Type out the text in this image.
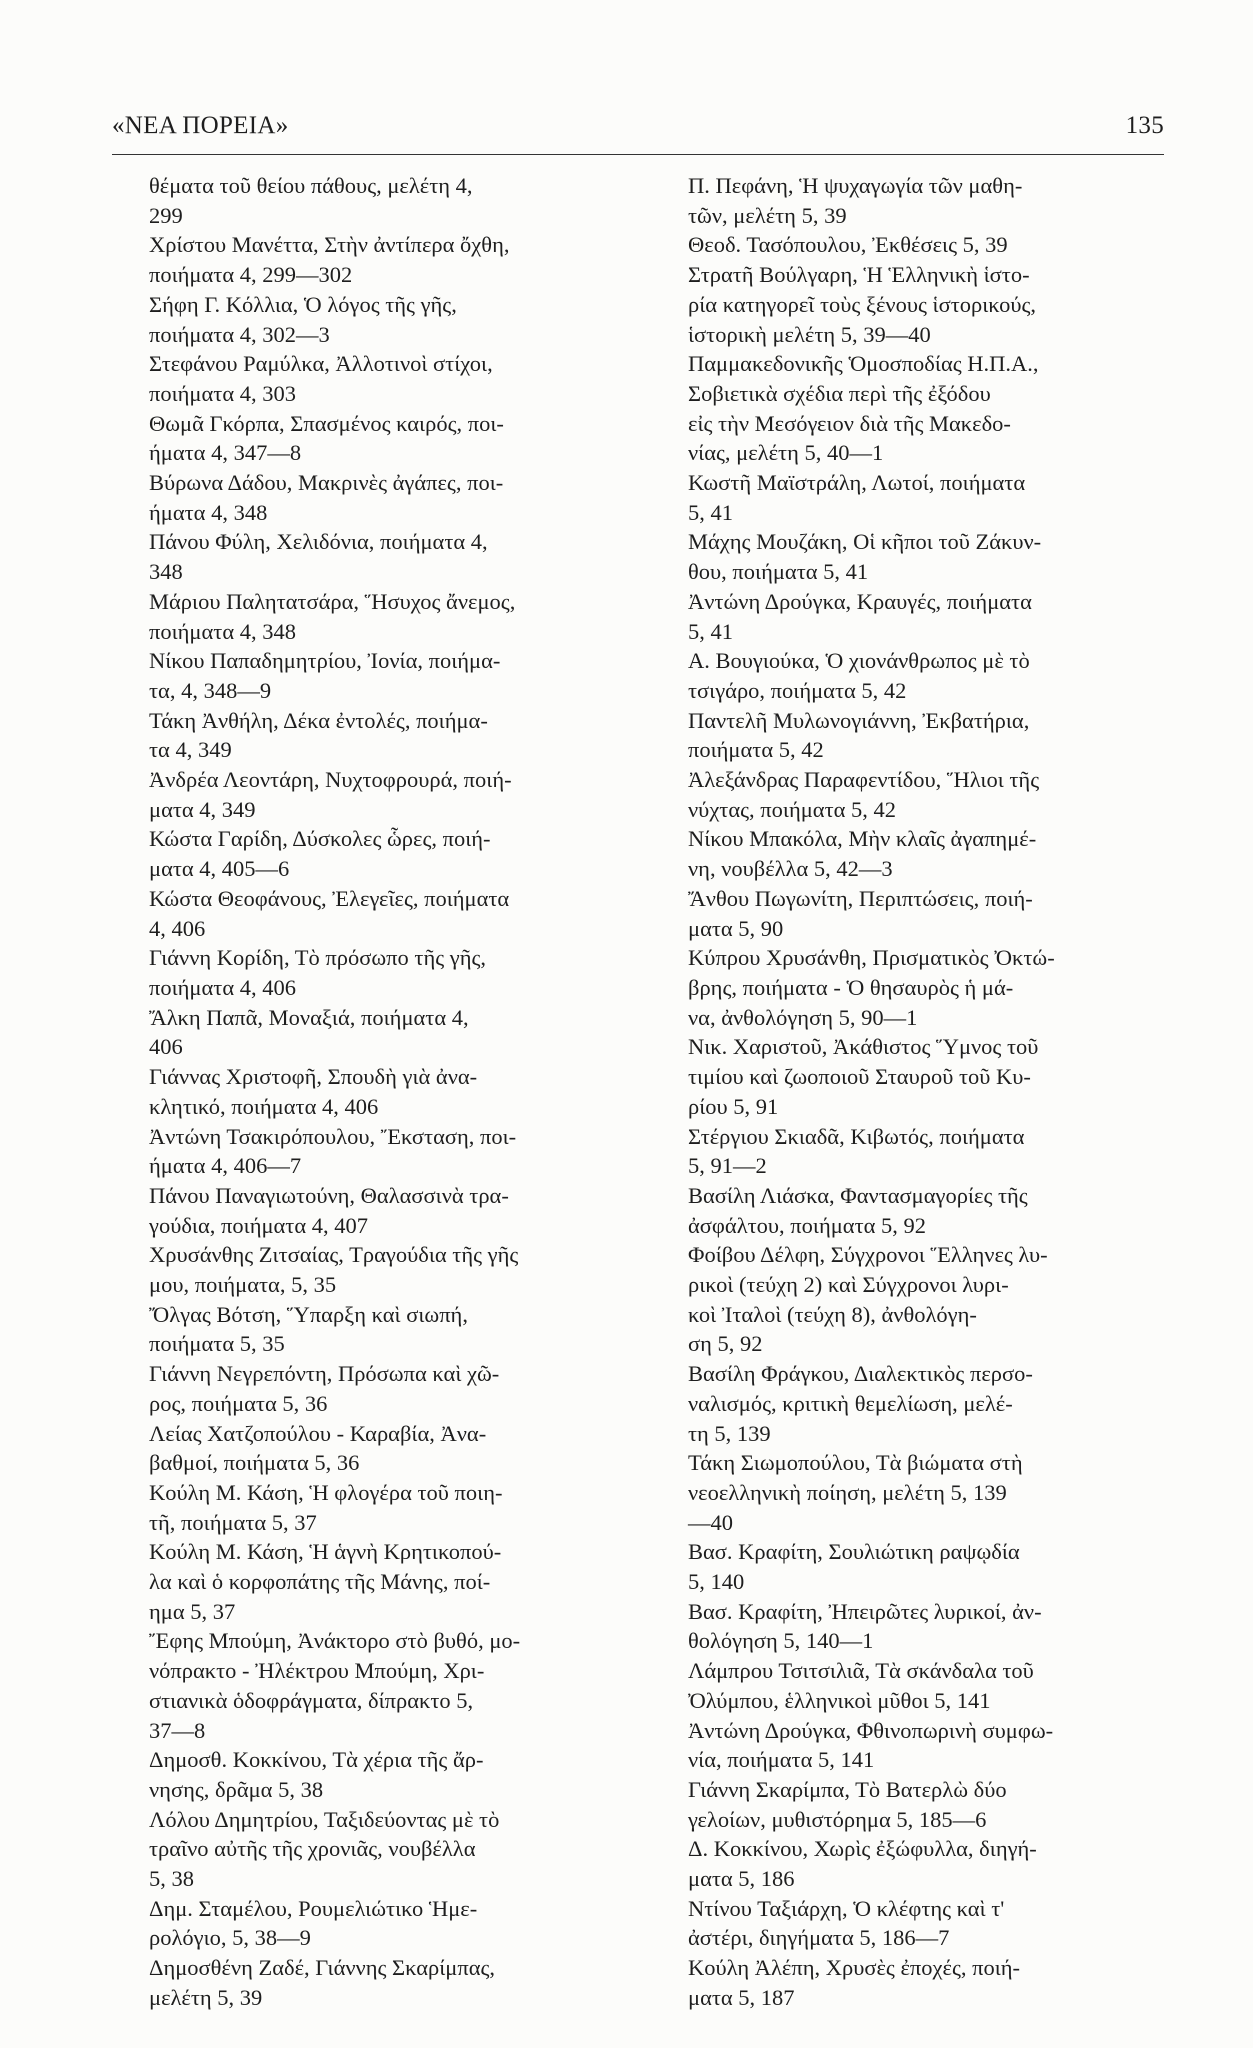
«ΝΕΑ ΠΟΡΕΙΑ»	135
θέματα τοῦ θείου πάθους, μελέτη 4,
299
Χρίστου Μανέττα, Στὴν ἀντίπερα ὄχθη,
ποιήματα 4, 299—302
Σήφη Γ. Κόλλια, Ὁ λόγος τῆς γῆς,
ποιήματα 4, 302—3
Στεφάνου Ραμύλκα, Ἀλλοτινοὶ στίχοι,
ποιήματα 4, 303
Θωμᾶ Γκόρπα, Σπασμένος καιρός, ποι-
ήματα 4, 347—8
Βύρωνα Δάδου, Μακρινὲς ἀγάπες, ποι-
ήματα 4, 348
Πάνου Φύλη, Χελιδόνια, ποιήματα 4,
348
Μάριου Παλητατσάρα, Ἥσυχος ἄνεμος,
ποιήματα 4, 348
Νίκου Παπαδημητρίου, Ἰονία, ποιήμα-
τα, 4, 348—9
Τάκη Ἀνθήλη, Δέκα ἐντολές, ποιήμα-
τα 4, 349
Ἀνδρέα Λεοντάρη, Νυχτοφρουρά, ποιή-
ματα 4, 349
Κώστα Γαρίδη, Δύσκολες ὧρες, ποιή-
ματα 4, 405—6
Κώστα Θεοφάνους, Ἐλεγεῖες, ποιήματα
4, 406
Γιάννη Κορίδη, Τὸ πρόσωπο τῆς γῆς,
ποιήματα 4, 406
Ἄλκη Παπᾶ, Μοναξιά, ποιήματα 4,
406
Γιάννας Χριστοφῆ, Σπουδὴ γιὰ ἀνα-
κλητικό, ποιήματα 4, 406
Ἀντώνη Τσακιρόπουλου, Ἔκσταση, ποι-
ήματα 4, 406—7
Πάνου Παναγιωτούνη, Θαλασσινὰ τρα-
γούδια, ποιήματα 4, 407
Χρυσάνθης Ζιτσαίας, Τραγούδια τῆς γῆς
μου, ποιήματα, 5, 35
Ὄλγας Βότση, Ὕπαρξη καὶ σιωπή,
ποιήματα 5, 35
Γιάννη Νεγρεπόντη, Πρόσωπα καὶ χῶ-
ρος, ποιήματα 5, 36
Λείας Χατζοπούλου - Καραβία, Ἀνα-
βαθμοί, ποιήματα 5, 36
Κούλη Μ. Κάση, Ἡ φλογέρα τοῦ ποιη-
τῆ, ποιήματα 5, 37
Κούλη Μ. Κάση, Ἡ ἁγνὴ Κρητικοπού-
λα καὶ ὁ κορφοπάτης τῆς Μάνης, ποί-
ημα 5, 37
Ἔφης Μπούμη, Ἀνάκτορο στὸ βυθό, μο-
νόπρακτο - Ἠλέκτρου Μπούμη, Χρι-
στιανικὰ ὁδοφράγματα, δίπρακτο 5,
37—8
Δημοσθ. Κοκκίνου, Τὰ χέρια τῆς ἄρ-
νησης, δρᾶμα 5, 38
Λόλου Δημητρίου, Ταξιδεύοντας μὲ τὸ
τραῖνο αὐτῆς τῆς χρονιᾶς, νουβέλλα
5, 38
Δημ. Σταμέλου, Ρουμελιώτικο Ἡμε-
ρολόγιο, 5, 38—9
Δημοσθένη Ζαδέ, Γιάννης Σκαρίμπας,
μελέτη 5, 39
Π. Πεφάνη, Ἡ ψυχαγωγία τῶν μαθη-
τῶν, μελέτη 5, 39
Θεοδ. Τασόπουλου, Ἐκθέσεις 5, 39
Στρατῆ Βούλγαρη, Ἡ Ἑλληνικὴ ἱστο-
ρία κατηγορεῖ τοὺς ξένους ἱστορικούς,
ἱστορικὴ μελέτη 5, 39—40
Παμμακεδονικῆς Ὁμοσποδίας Η.Π.Α.,
Σοβιετικὰ σχέδια περὶ τῆς ἐξόδου
εἰς τὴν Μεσόγειον διὰ τῆς Μακεδο-
νίας, μελέτη 5, 40—1
Κωστῆ Μαϊστράλη, Λωτοί, ποιήματα
5, 41
Μάχης Μουζάκη, Οἱ κῆποι τοῦ Ζάκυν-
θου, ποιήματα 5, 41
Ἀντώνη Δρούγκα, Κραυγές, ποιήματα
5, 41
Α. Βουγιούκα, Ὁ χιονάνθρωπος μὲ τὸ
τσιγάρο, ποιήματα 5, 42
Παντελῆ Μυλωνογιάννη, Ἐκβατήρια,
ποιήματα 5, 42
Ἀλεξάνδρας Παραφεντίδου, Ἥλιοι τῆς
νύχτας, ποιήματα 5, 42
Νίκου Μπακόλα, Μὴν κλαῖς ἀγαπημέ-
νη, νουβέλλα 5, 42—3
Ἄνθου Πωγωνίτη, Περιπτώσεις, ποιή-
ματα 5, 90
Κύπρου Χρυσάνθη, Πρισματικὸς Ὀκτώ-
βρης, ποιήματα - Ὁ θησαυρὸς ἡ μά-
να, ἀνθολόγηση 5, 90—1
Νικ. Χαριστοῦ, Ἀκάθιστος Ὕμνος τοῦ
τιμίου καὶ ζωοποιοῦ Σταυροῦ τοῦ Κυ-
ρίου 5, 91
Στέργιου Σκιαδᾶ, Κιβωτός, ποιήματα
5, 91—2
Βασίλη Λιάσκα, Φαντασμαγορίες τῆς
ἀσφάλτου, ποιήματα 5, 92
Φοίβου Δέλφη, Σύγχρονοι Ἕλληνες λυ-
ρικοὶ (τεύχη 2) καὶ Σύγχρονοι λυρι-
κοὶ Ἰταλοὶ (τεύχη 8), ἀνθολόγη-
ση 5, 92
Βασίλη Φράγκου, Διαλεκτικὸς περσο-
ναλισμός, κριτικὴ θεμελίωση, μελέ-
τη 5, 139
Τάκη Σιωμοπούλου, Τὰ βιώματα στὴ
νεοελληνικὴ ποίηση, μελέτη 5, 139
—40
Βασ. Κραφίτη, Σουλιώτικη ραψῳδία
5, 140
Βασ. Κραφίτη, Ἠπειρῶτες λυρικοί, ἀν-
θολόγηση 5, 140—1
Λάμπρου Τσιτσιλιᾶ, Τὰ σκάνδαλα τοῦ
Ὀλύμπου, ἑλληνικοὶ μῦθοι 5, 141
Ἀντώνη Δρούγκα, Φθινοπωρινὴ συμφω-
νία, ποιήματα 5, 141
Γιάννη Σκαρίμπα, Τὸ Βατερλὼ δύο
γελοίων, μυθιστόρημα 5, 185—6
Δ. Κοκκίνου, Χωρὶς ἐξώφυλλα, διηγή-
ματα 5, 186
Ντίνου Ταξιάρχη, Ὁ κλέφτης καὶ τ'
ἀστέρι, διηγήματα 5, 186—7
Κούλη Ἀλέπη, Χρυσὲς ἐποχές, ποιή-
ματα 5, 187
